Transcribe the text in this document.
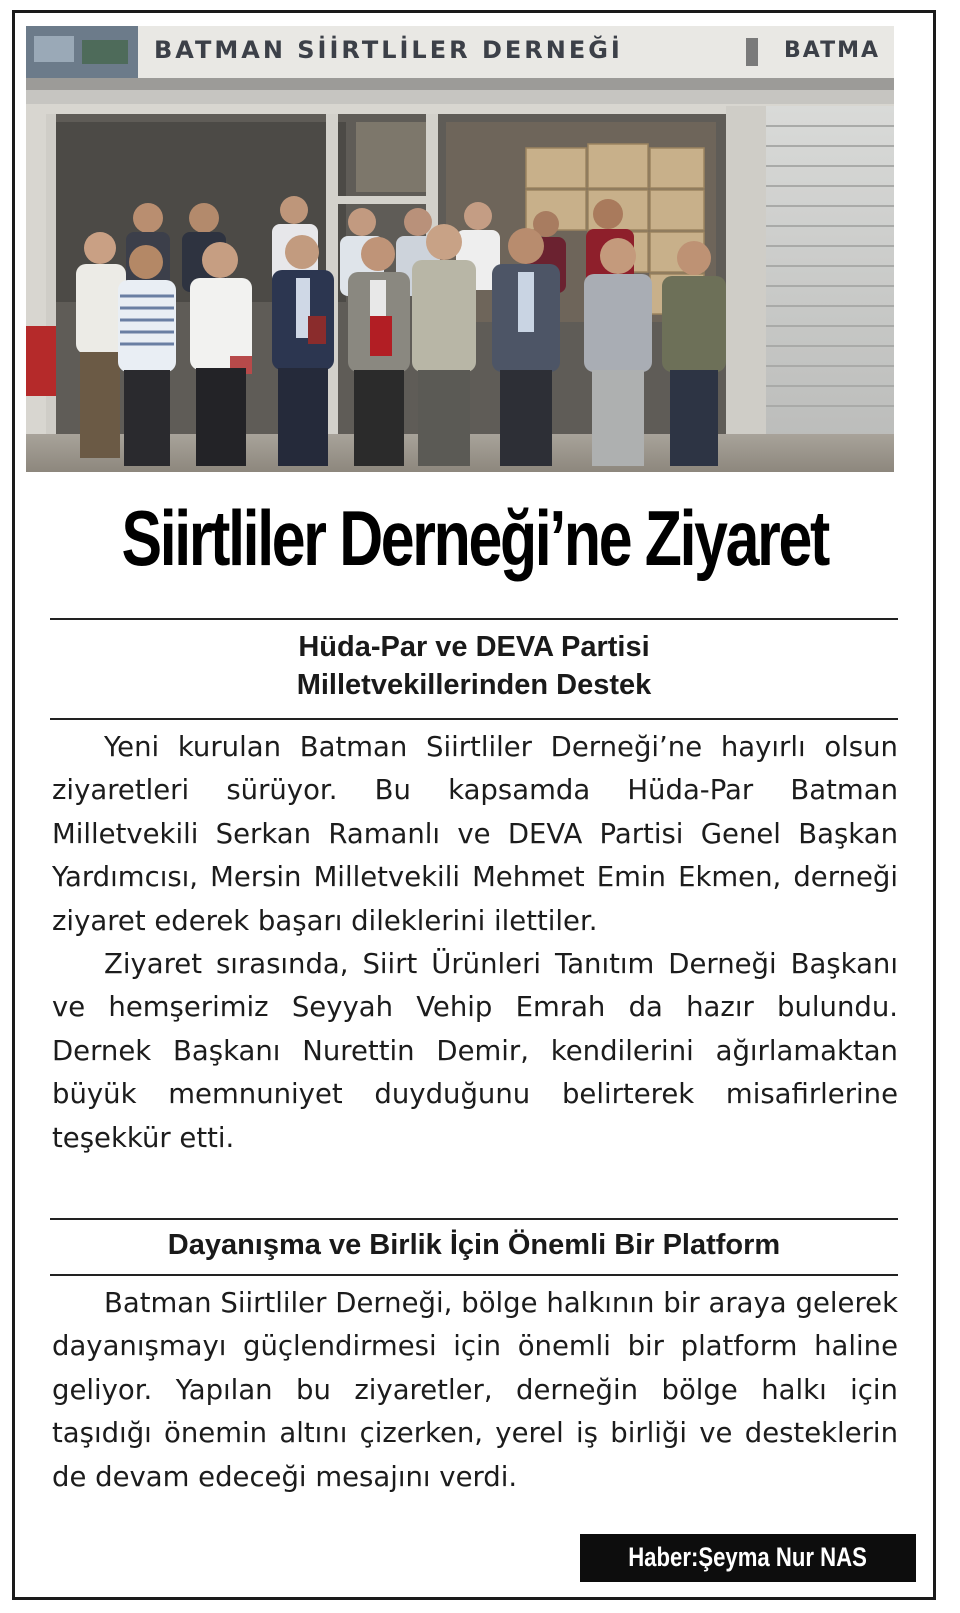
BATMAN SİİRTLİLER DERNEĞİ	BATMA
Siirtliler Derneği’ne Ziyaret
Hüda-Par ve DEVA Partisi
Milletvekillerinden Destek

Yeni kurulan Batman Siirtliler Derneği’ne hayırlı olsun ziyaretleri sürüyor. Bu kapsamda Hüda-Par Batman Milletvekili Serkan Ramanlı ve DEVA Partisi Genel Başkan Yardımcısı, Mersin Milletvekili Mehmet Emin Ekmen, derneği ziyaret ederek başarı dileklerini ilettiler.

Ziyaret sırasında, Siirt Ürünleri Tanıtım Derneği Başkanı ve hemşerimiz Seyyah Vehip Emrah da hazır bulundu. Dernek Başkanı Nurettin Demir, kendilerini ağırlamaktan büyük memnuniyet duyduğunu belirterek misafirlerine teşekkür etti.

Dayanışma ve Birlik İçin Önemli Bir Platform

Batman Siirtliler Derneği, bölge halkının bir araya gelerek dayanışmayı güçlendirmesi için önemli bir platform haline geliyor. Yapılan bu ziyaretler, derneğin bölge halkı için taşıdığı önemin altını çizerken, yerel iş birliği ve desteklerin de devam edeceği mesajını verdi.

Haber:Şeyma Nur NAS
